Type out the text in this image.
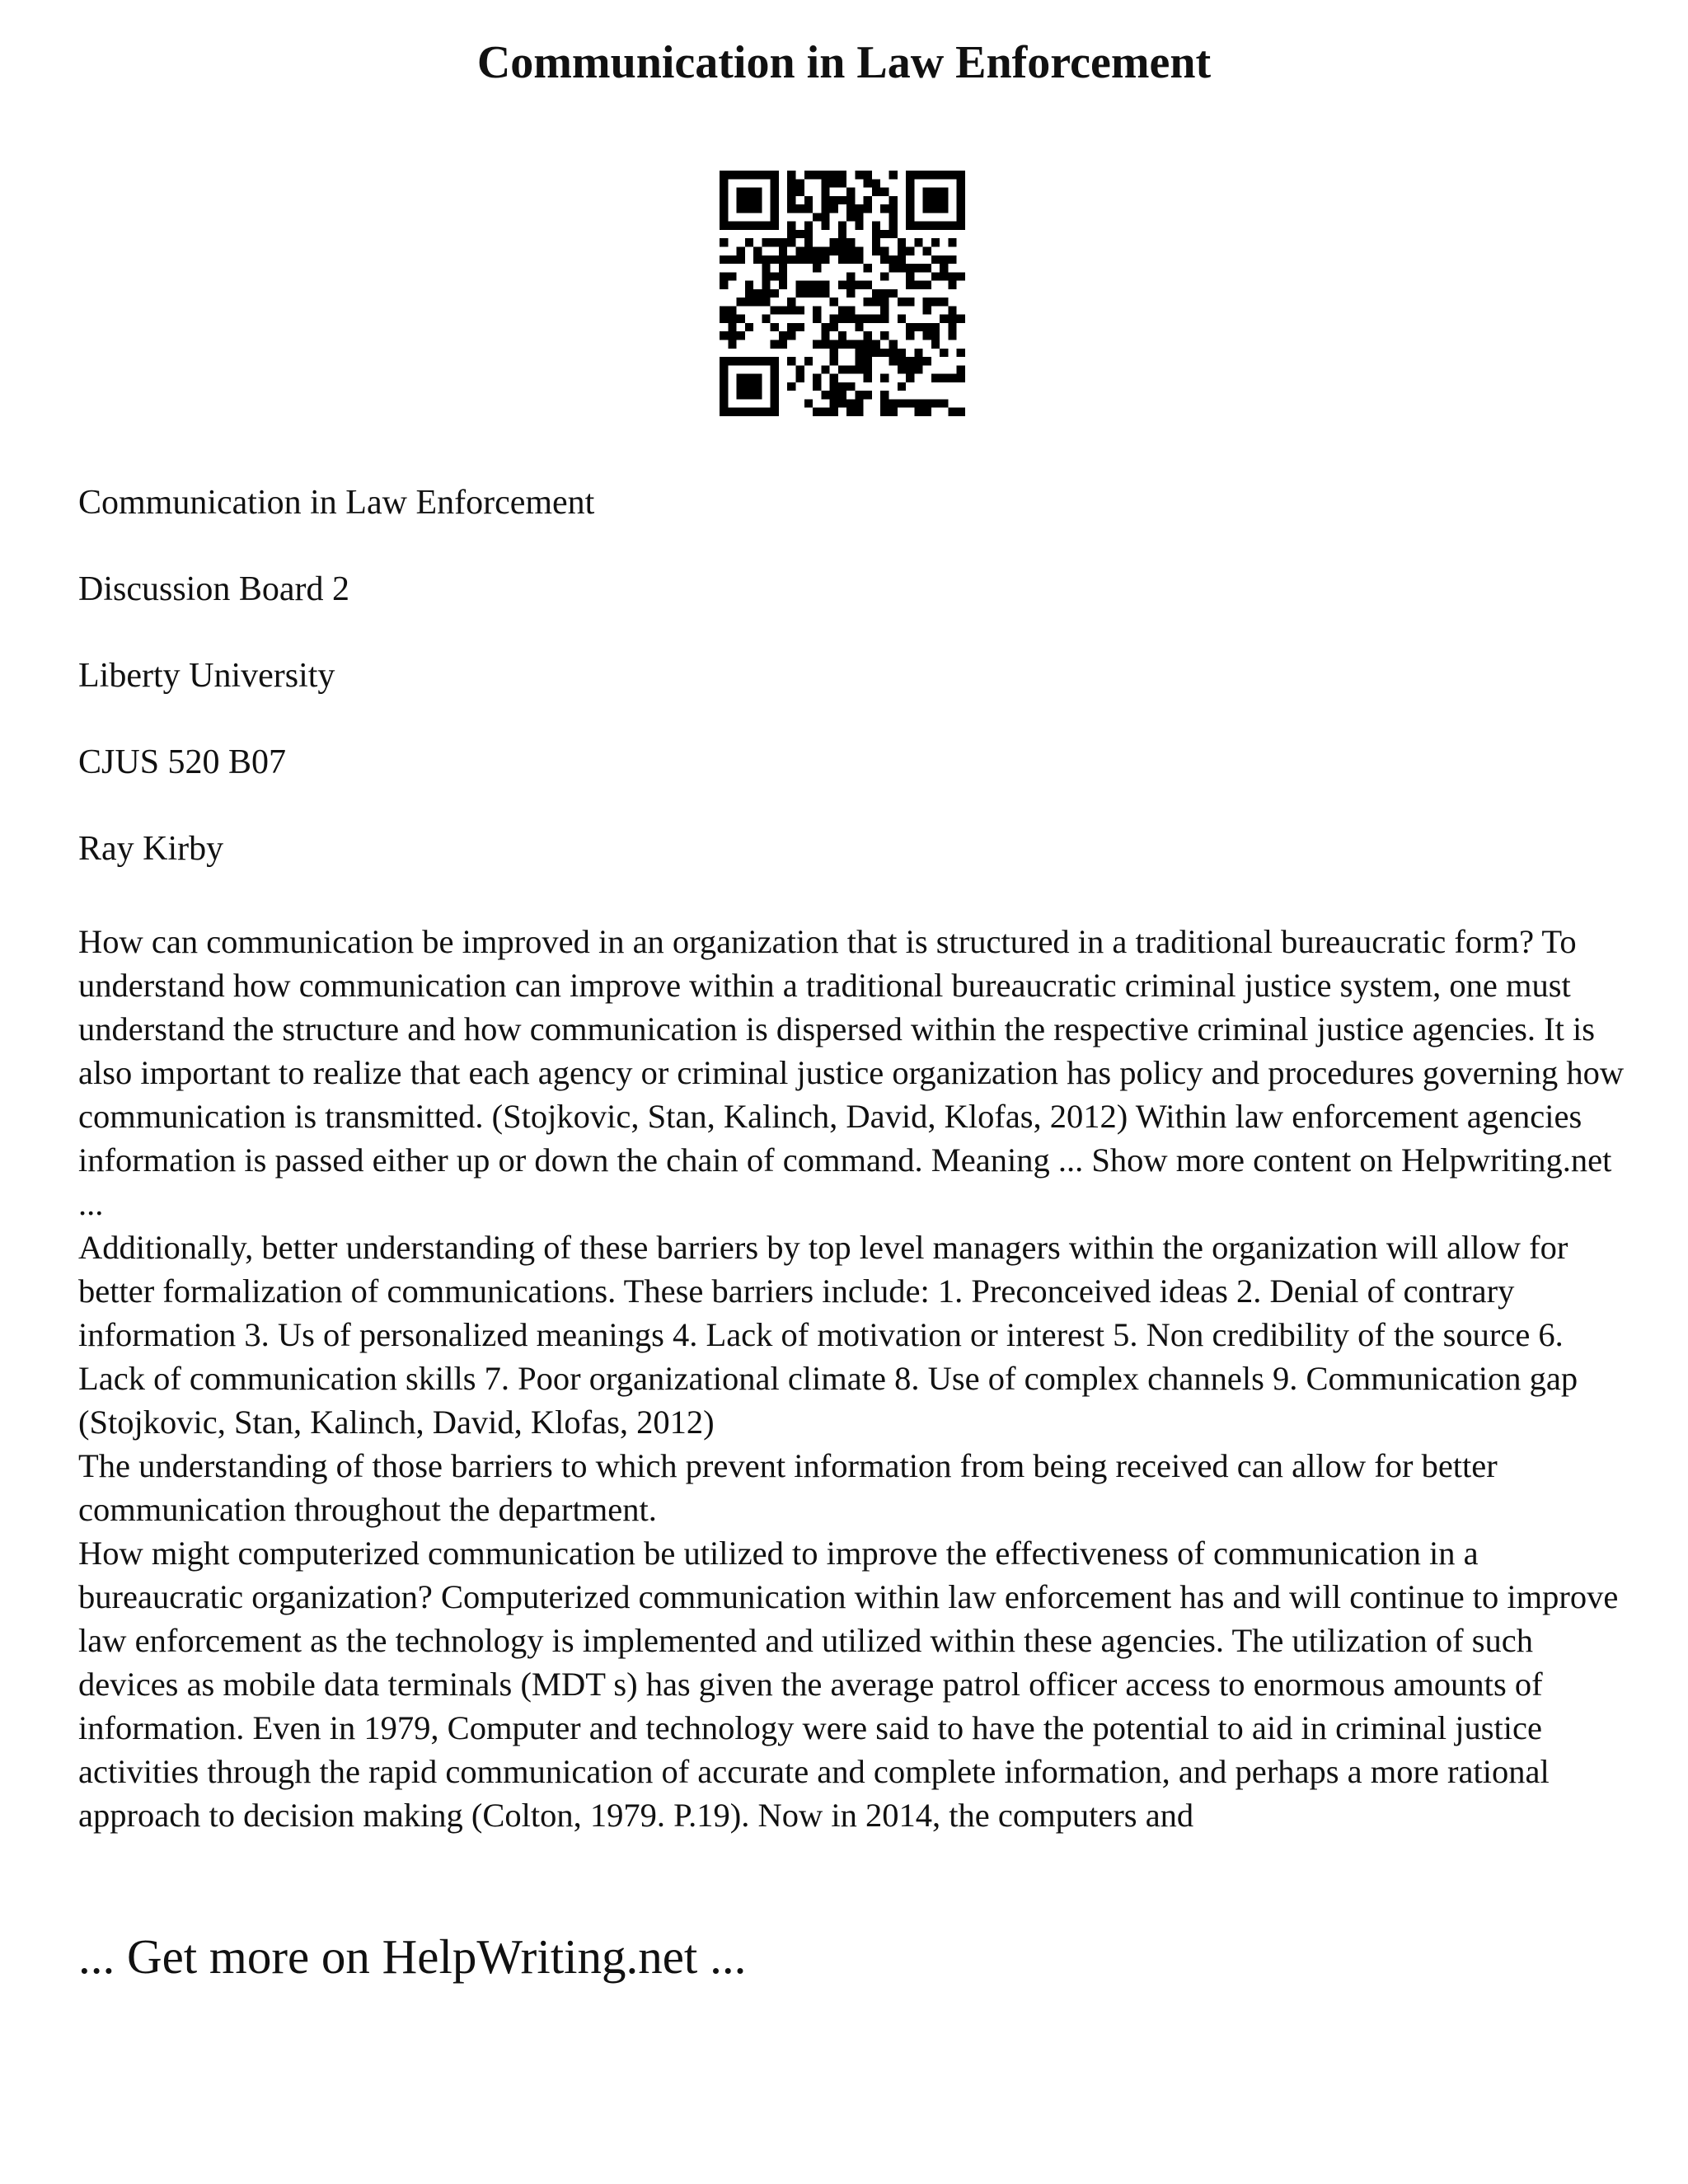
Communication in Law Enforcement

Communication in Law Enforcement

Discussion Board 2

Liberty University

CJUS 520 B07

Ray Kirby

How can communication be improved in an organization that is structured in a traditional bureaucratic form? To understand how communication can improve within a traditional bureaucratic criminal justice system, one must understand the structure and how communication is dispersed within the respective criminal justice agencies. It is also important to realize that each agency or criminal justice organization has policy and procedures governing how communication is transmitted. (Stojkovic, Stan, Kalinch, David, Klofas, 2012) Within law enforcement agencies information is passed either up or down the chain of command. Meaning ... Show more content on Helpwriting.net ...

Additionally, better understanding of these barriers by top level managers within the organization will allow for better formalization of communications. These barriers include: 1. Preconceived ideas 2. Denial of contrary information 3. Us of personalized meanings 4. Lack of motivation or interest 5. Non credibility of the source 6. Lack of communication skills 7. Poor organizational climate 8. Use of complex channels 9. Communication gap (Stojkovic, Stan, Kalinch, David, Klofas, 2012)

The understanding of those barriers to which prevent information from being received can allow for better communication throughout the department.

How might computerized communication be utilized to improve the effectiveness of communication in a bureaucratic organization? Computerized communication within law enforcement has and will continue to improve law enforcement as the technology is implemented and utilized within these agencies. The utilization of such devices as mobile data terminals (MDT s) has given the average patrol officer access to enormous amounts of information. Even in 1979, Computer and technology were said to have the potential to aid in criminal justice activities through the rapid communication of accurate and complete information, and perhaps a more rational approach to decision making (Colton, 1979. P.19). Now in 2014, the computers and

... Get more on HelpWriting.net ...
